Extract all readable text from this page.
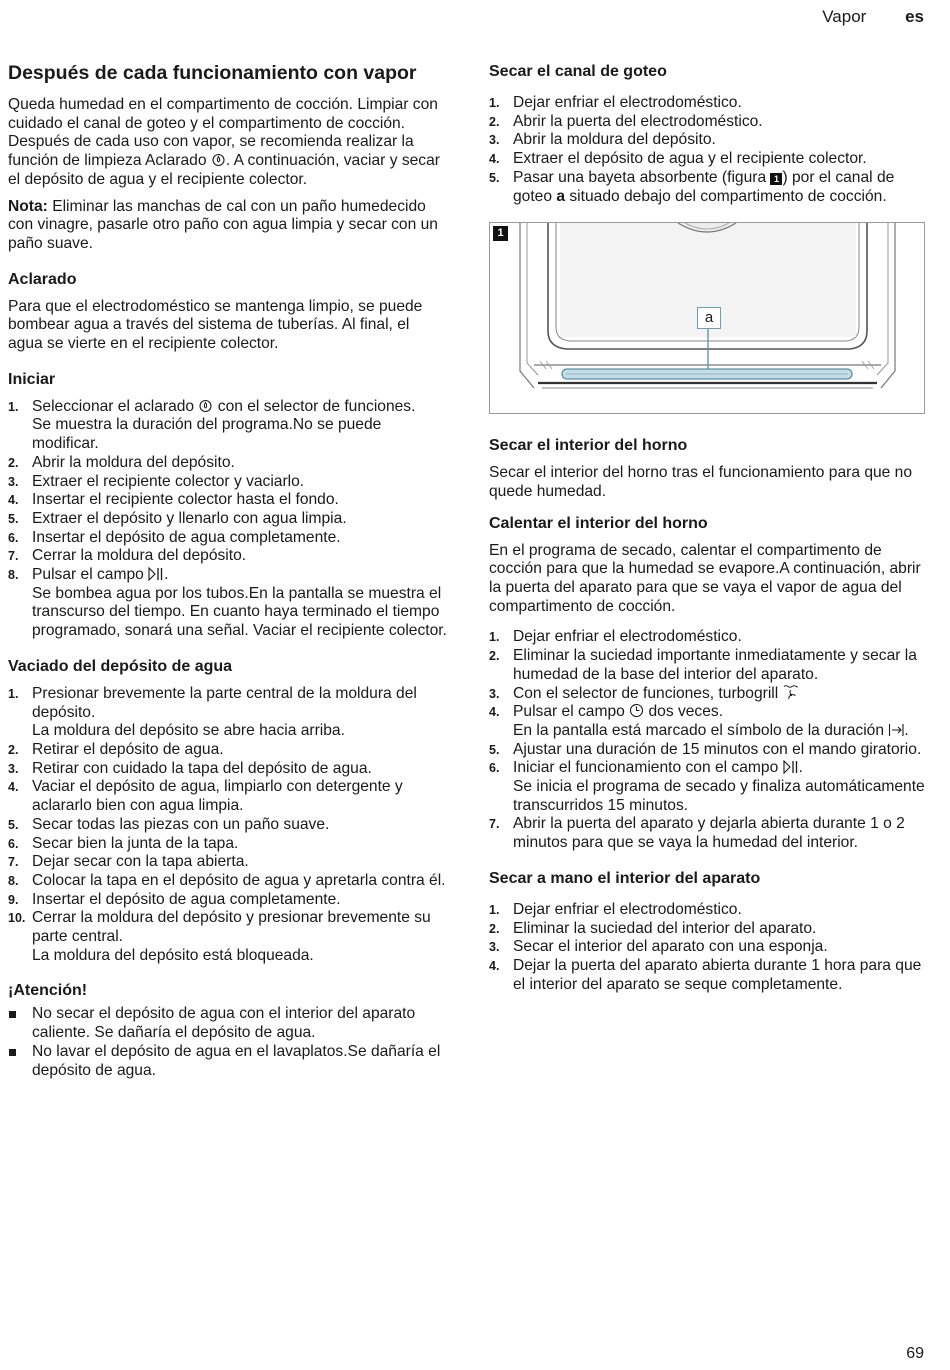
Vapor es
Después de cada funcionamiento con vapor

Queda humedad en el compartimento de cocción. Limpiar con cuidado el canal de goteo y el compartimento de cocción. Después de cada uso con vapor, se recomienda realizar la función de limpieza Aclarado . A continuación, vaciar y secar el depósito de agua y el recipiente colector.

Nota: Eliminar las manchas de cal con un paño humedecido con vinagre, pasarle otro paño con agua limpia y secar con un paño suave.

Aclarado

Para que el electrodoméstico se mantenga limpio, se puede bombear agua a través del sistema de tuberías. Al final, el agua se vierte en el recipiente colector.

Iniciar
1. Seleccionar el aclarado  con el selector de funciones.
Se muestra la duración del programa.No se puede modificar.
2. Abrir la moldura del depósito.
3. Extraer el recipiente colector y vaciarlo.
4. Insertar el recipiente colector hasta el fondo.
5. Extraer el depósito y llenarlo con agua limpia.
6. Insertar el depósito de agua completamente.
7. Cerrar la moldura del depósito.
8. Pulsar el campo .
Se bombea agua por los tubos.En la pantalla se muestra el transcurso del tiempo. En cuanto haya terminado el tiempo programado, sonará una señal. Vaciar el recipiente colector.
Vaciado del depósito de agua
1. Presionar brevemente la parte central de la moldura del depósito.
La moldura del depósito se abre hacia arriba.
2. Retirar el depósito de agua.
3. Retirar con cuidado la tapa del depósito de agua.
4. Vaciar el depósito de agua, limpiarlo con detergente y aclararlo bien con agua limpia.
5. Secar todas las piezas con un paño suave.
6. Secar bien la junta de la tapa.
7. Dejar secar con la tapa abierta.
8. Colocar la tapa en el depósito de agua y apretarla contra él.
9. Insertar el depósito de agua completamente.
10. Cerrar la moldura del depósito y presionar brevemente su parte central.
La moldura del depósito está bloqueada.
¡Atención!
No secar el depósito de agua con el interior del aparato caliente. Se dañaría el depósito de agua.
No lavar el depósito de agua en el lavaplatos.Se dañaría el depósito de agua.
Secar el canal de goteo
1. Dejar enfriar el electrodoméstico.
2. Abrir la puerta del electrodoméstico.
3. Abrir la moldura del depósito.
4. Extraer el depósito de agua y el recipiente colector.
5. Pasar una bayeta absorbente (figura 1 ) por el canal de goteo a situado debajo del compartimento de cocción.
1
a
Secar el interior del horno

Secar el interior del horno tras el funcionamiento para que no quede humedad.

Calentar el interior del horno

En el programa de secado, calentar el compartimento de cocción para que la humedad se evapore.A continuación, abrir la puerta del aparato para que se vaya el vapor de agua del compartimento de cocción.

1. Dejar enfriar el electrodoméstico.
2. Eliminar la suciedad importante inmediatamente y secar la humedad de la base del interior del aparato.
3. Con el selector de funciones, turbogrill
4. Pulsar el campo  dos veces.
En la pantalla está marcado el símbolo de la duración .
5. Ajustar una duración de 15 minutos con el mando giratorio.
6. Iniciar el funcionamiento con el campo .
Se inicia el programa de secado y finaliza automáticamente transcurridos 15 minutos.
7. Abrir la puerta del aparato y dejarla abierta durante 1 o 2 minutos para que se vaya la humedad del interior.
Secar a mano el interior del aparato
1. Dejar enfriar el electrodoméstico.
2. Eliminar la suciedad del interior del aparato.
3. Secar el interior del aparato con una esponja.
4. Dejar la puerta del aparato abierta durante 1 hora para que el interior del aparato se seque completamente.
69
